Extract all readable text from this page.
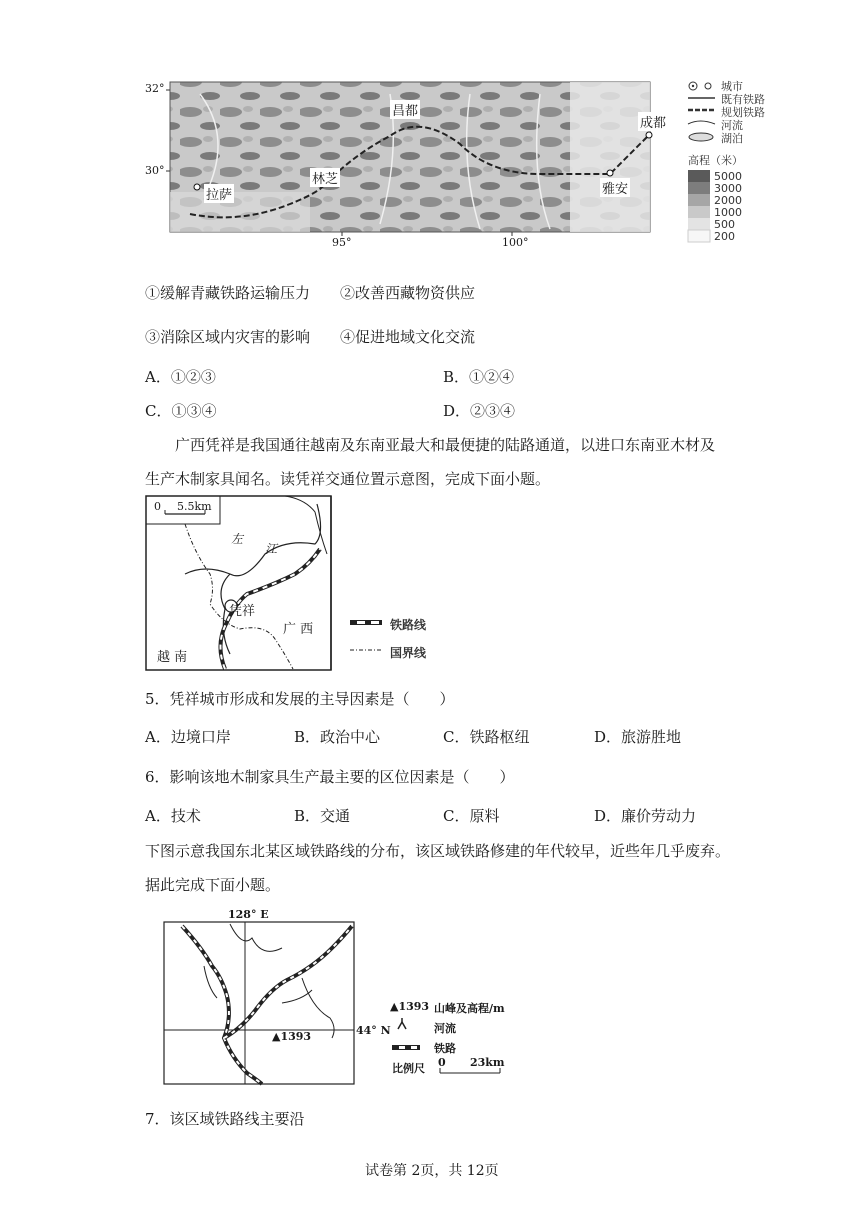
32°
30°
95°	100°
昌都
成都
林芝
拉萨	雅安
城市
既有铁路
规划铁路
河流
湖泊
高程（米）
5000
3000
2000
1000
500
200
①缓解青藏铁路运输压力　　②改善西藏物资供应
③消除区域内灾害的影响　　④促进地域文化交流
A．①②③	B．①②④
C．①③④	D．②③④
广西凭祥是我国通往越南及东南亚最大和最便捷的陆路通道，以进口东南亚木材及
生产木制家具闻名。读凭祥交通位置示意图，完成下面小题。
0 5.5km
左
江
凭祥
广 西
越 南
铁路线
国界线
5．凭祥城市形成和发展的主导因素是（　　）
A．边境口岸	B．政治中心	C．铁路枢纽	D．旅游胜地
6．影响该地木制家具生产最主要的区位因素是（　　）
A．技术	B．交通	C．原料	D．廉价劳动力
下图示意我国东北某区域铁路线的分布，该区域铁路修建的年代较早，近些年几乎废弃。
据此完成下面小题。
128° E
44° N
▲1393
▲1393 山峰及高程/m
河流
铁路
比例尺 0 23km
7．该区域铁路线主要沿
试卷第 2页，共 12页
